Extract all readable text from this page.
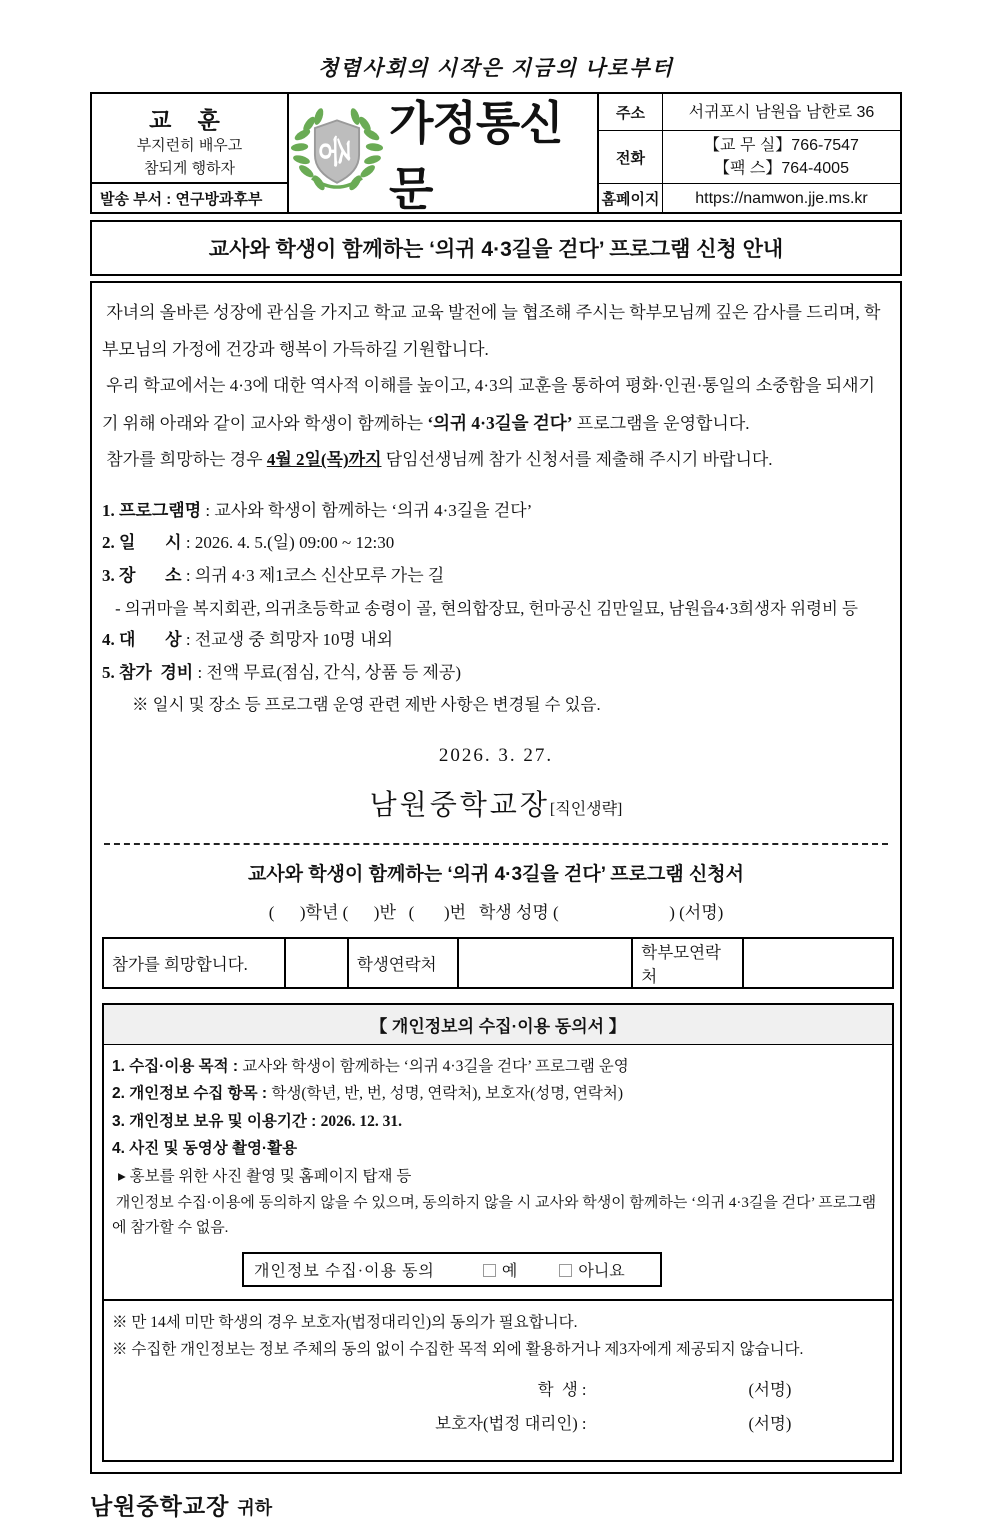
청렴사회의 시작은 지금의 나로부터
교 훈
부지런히 배우고
참되게 행하자
발송 부서 : 연구방과후부
중
가정통신문
주소	서귀포시 남원읍 남한로 36
전화
【교 무 실】766-7547
【팩 스】764-4005
홈페이지	https://namwon.jje.ms.kr
교사와 학생이 함께하는 ‘의귀 4·3길을 걷다’ 프로그램 신청 안내

자녀의 올바른 성장에 관심을 가지고 학교 교육 발전에 늘 협조해 주시는 학부모님께 깊은 감사를 드리며, 학부모님의 가정에 건강과 행복이 가득하길 기원합니다.

우리 학교에서는 4·3에 대한 역사적 이해를 높이고, 4·3의 교훈을 통하여 평화·인권·통일의 소중함을 되새기기 위해 아래와 같이 교사와 학생이 함께하는 ‘의귀 4·3길을 걷다’ 프로그램을 운영합니다.

참가를 희망하는 경우 4월 2일(목)까지 담임선생님께 참가 신청서를 제출해 주시기 바랍니다.

1. 프로그램명 : 교사와 학생이 함께하는 ‘의귀 4·3길을 걷다’
2. 일       시 : 2026. 4. 5.(일) 09:00 ~ 12:30
3. 장       소 : 의귀 4·3 제1코스 신산모루 가는 길
- 의귀마을 복지회관, 의귀초등학교 송령이 골, 현의합장묘, 헌마공신 김만일묘, 남원읍4·3희생자 위령비 등
4. 대       상 : 전교생 중 희망자 10명 내외
5. 참가  경비 : 전액 무료(점심, 간식, 상품 등 제공)
※ 일시 및 장소 등 프로그램 운영 관련 제반 사항은 변경될 수 있음.
2026. 3. 27.
남원중학교장[직인생략]
교사와 학생이 함께하는 ‘의귀 4·3길을 걷다’ 프로그램 신청서
(      )학년 (      )반   (       )번   학생 성명 (                          ) (서명)
참가를 희망합니다.		학생연락처		학부모연락처	
【 개인정보의 수집·이용 동의서 】
1. 수집·이용 목적 : 교사와 학생이 함께하는 ‘의귀 4·3길을 걷다’ 프로그램 운영
2. 개인정보 수집 항목 : 학생(학년, 반, 번, 성명, 연락처), 보호자(성명, 연락처)
3. 개인정보 보유 및 이용기간 : 2026. 12. 31.
4. 사진 및 동영상 촬영·활용
▸ 홍보를 위한 사진 촬영 및 홈페이지 탑재 등
개인정보 수집·이용에 동의하지 않을 수 있으며, 동의하지 않을 시 교사와 학생이 함께하는 ‘의귀 4·3길을 걷다’ 프로그램에 참가할 수 없음.
개인정보 수집·이용 동의	예	아니요
※ 만 14세 미만 학생의 경우 보호자(법정대리인)의 동의가 필요합니다.
※ 수집한 개인정보는 정보 주체의 동의 없이 수집한 목적 외에 활용하거나 제3자에게 제공되지 않습니다.
학  생 :	(서명)
보호자(법정 대리인) :	(서명)
남원중학교장 귀하
